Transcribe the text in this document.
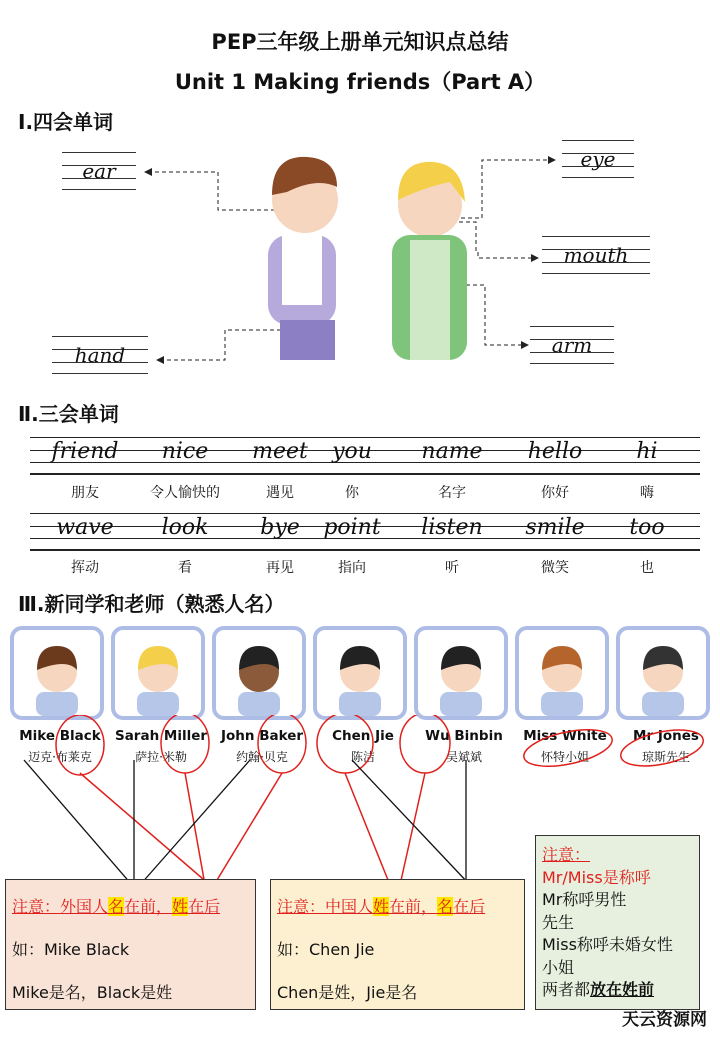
PEP三年级上册单元知识点总结
Unit 1 Making friends（Part A）
Ⅰ.四会单词
ear	eye
mouth
hand	arm
Ⅱ.三会单词
friend
朋友
nice
令人愉快的
meet
遇见
you
你
name
名字
hello
你好
hi
嗨
wave
挥动
look
看
bye
再见
point
指向
listen
听
smile
微笑
too
也
Ⅲ.新同学和老师（熟悉人名）
Mike Black
迈克·布莱克
Sarah Miller
萨拉·米勒
John Baker
约翰·贝克
Chen Jie
陈洁
Wu Binbin
吴斌斌
Miss White
怀特小姐
Mr Jones
琼斯先生
注意：外国人名在前，姓在后
如：Mike Black
Mike是名，Black是姓
注意：中国人姓在前，名在后
如：Chen Jie
Chen是姓，Jie是名
注意：
Mr/Miss是称呼
Mr称呼男性
先生
Miss称呼未婚女性
小姐
两者都放在姓前
天云资源网
